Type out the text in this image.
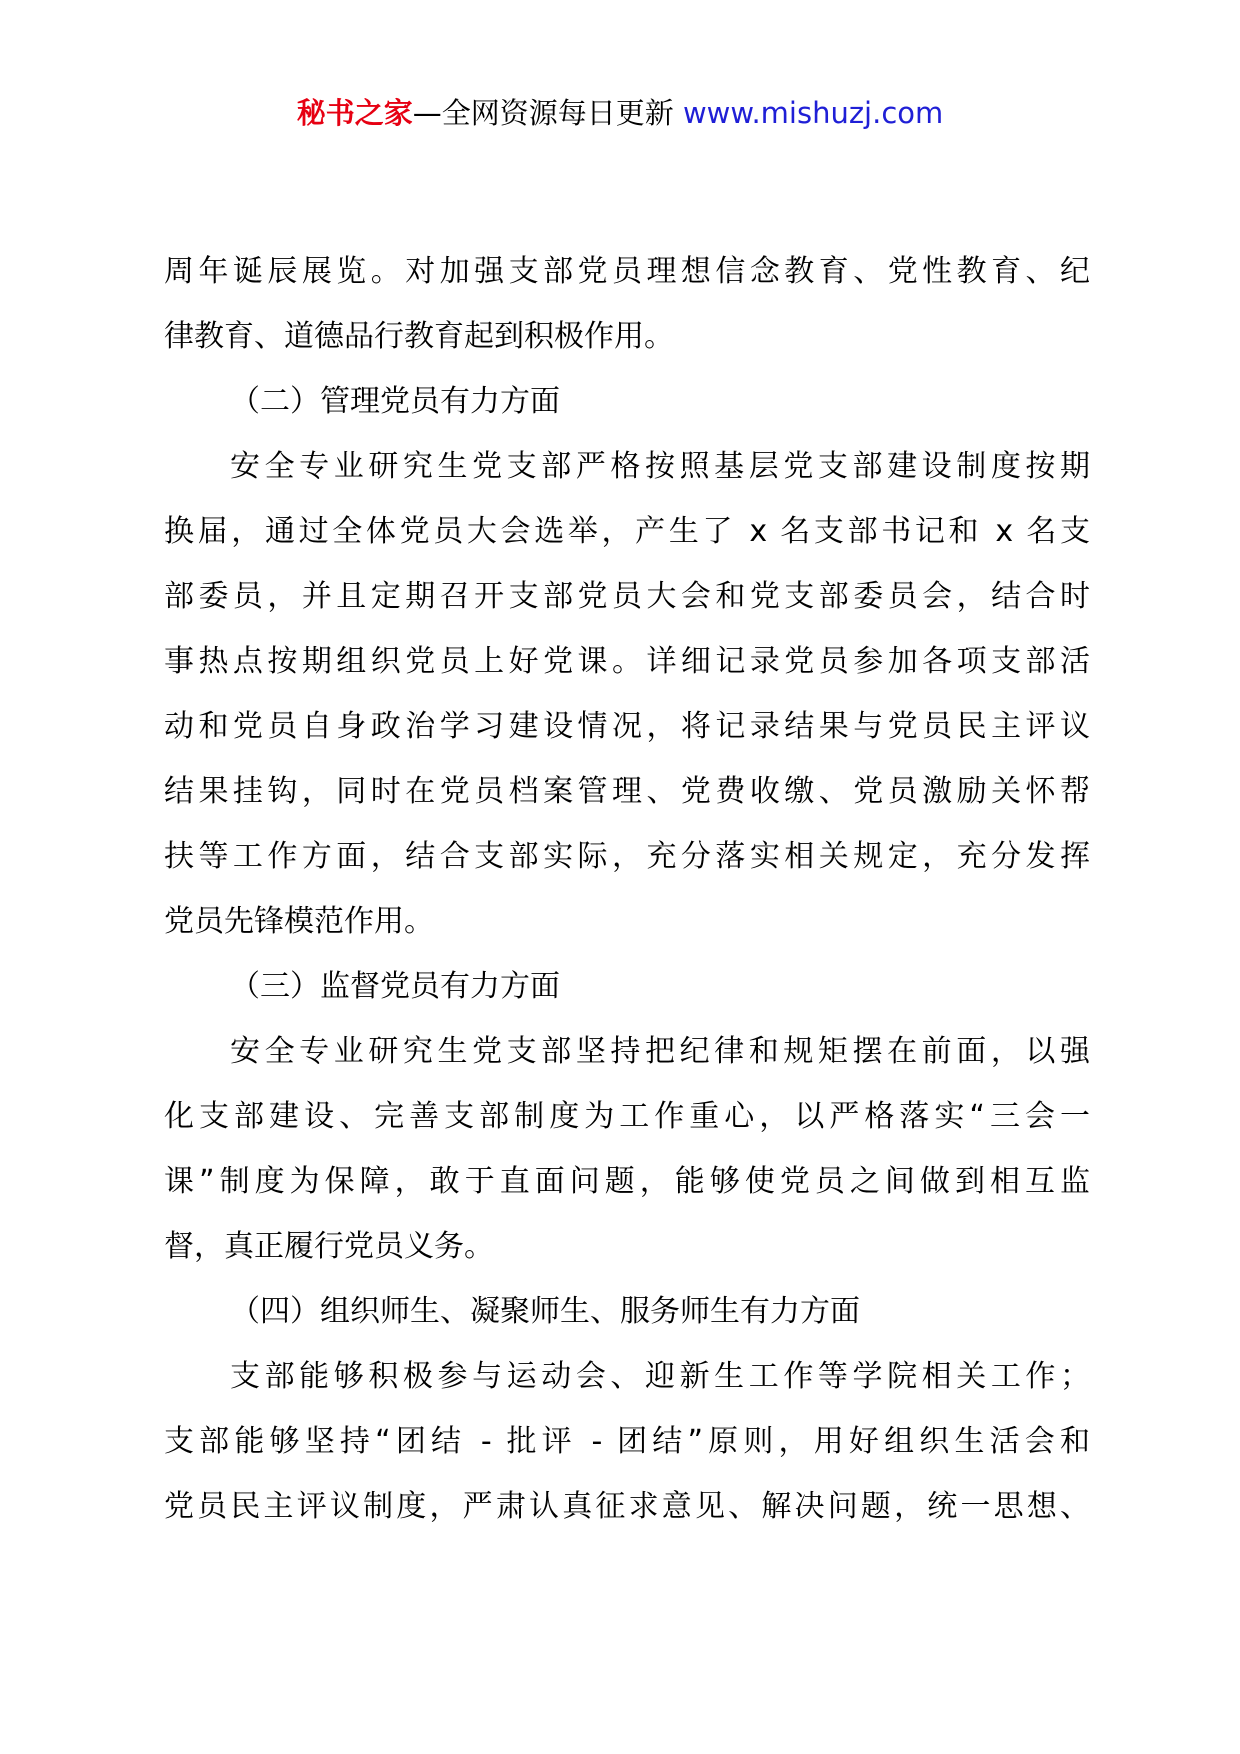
秘书之家—全网资源每日更新 www.mishuzj.com
周年诞辰展览。对加强支部党员理想信念教育、党性教育、纪
律教育、道德品行教育起到积极作用。
（二）管理党员有力方面
安全专业研究生党支部严格按照基层党支部建设制度按期
换届，通过全体党员大会选举，产生了 x 名支部书记和 x 名支
部委员，并且定期召开支部党员大会和党支部委员会，结合时
事热点按期组织党员上好党课。详细记录党员参加各项支部活
动和党员自身政治学习建设情况，将记录结果与党员民主评议
结果挂钩，同时在党员档案管理、党费收缴、党员激励关怀帮
扶等工作方面，结合支部实际，充分落实相关规定，充分发挥
党员先锋模范作用。
（三）监督党员有力方面
安全专业研究生党支部坚持把纪律和规矩摆在前面，以强
化支部建设、完善支部制度为工作重心，以严格落实“三会一
课”制度为保障，敢于直面问题，能够使党员之间做到相互监
督，真正履行党员义务。
（四）组织师生、凝聚师生、服务师生有力方面
支部能够积极参与运动会、迎新生工作等学院相关工作；
支部能够坚持“团结 - 批评 - 团结”原则，用好组织生活会和
党员民主评议制度，严肃认真征求意见、解决问题，统一思想、
